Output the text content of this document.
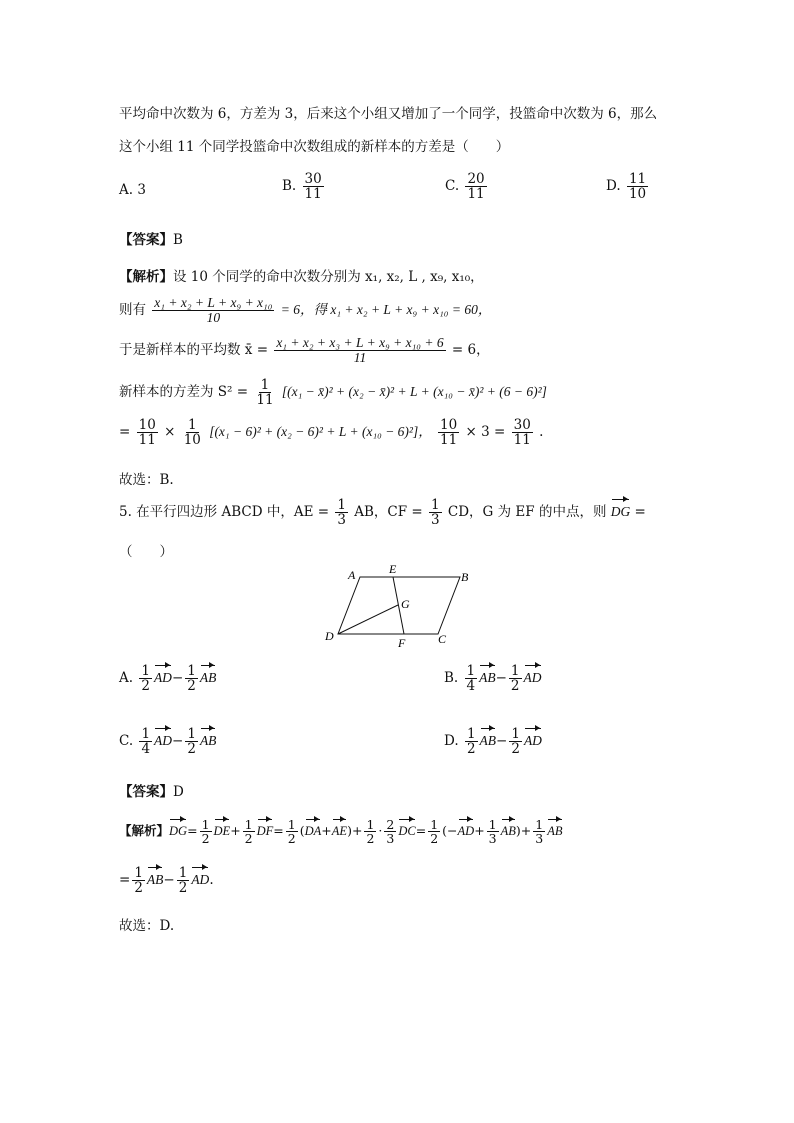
平均命中次数为 6，方差为 3，后来这个小组又增加了一个同学，投篮命中次数为 6，那么
这个小组 11 个同学投篮命中次数组成的新样本的方差是（　　）
A. 3	B. $\frac{30}{11}$	C. $\frac{20}{11}$	D. $\frac{11}{10}$
【答案】B
【解析】设 10 个同学的命中次数分别为 x₁, x₂, L , x₉, x₁₀，
则有 $\frac{\text{x₁ + x₂ + L + x₉ + x₁₀}}{10} = 6$，得 x₁ + x₂ + L + x₉ + x₁₀ = 60，
于是新样本的平均数 x̄ = $\frac{\text{x₁ + x₂ + x₃ + L + x₉ + x₁₀ + 6}}{11} = 6$，
新样本的方差为 $S^2 = \frac{1}{11} [(x_1$ − x̄)² + (x₂ − x̄)² + L + (x₁₀ − x̄)² + (6 − 6)²]
= $\frac{10}{11} \times \frac{1}{10} [(x_1 - 6)^2 + (x_2 - 6)^2 + L + (x_{10} - 6)^2]$， $\frac{10}{11} \times 3 = \frac{30}{11}$ .
故选：B.
5. 在平行四边形 ABCD 中，AE = $\frac{1}{3}$ AB，CF = $\frac{1}{3}$ CD，G 为 EF 的中点，则 DG =
（　　）
A	B
C
D
E
F
G
A. $\frac{1}{2} AD- \frac{1}{2}$ AB	B. $\frac{1}{4} AB- \frac{1}{2}$ AD
C. $\frac{1}{4} AD- \frac{1}{2}$ AB	D. $\frac{1}{2} AB- \frac{1}{2}$ AD
【答案】D
【解析】$DG= \frac{1}{2} DE+ \frac{1}{2} DF= \frac{1}{2} (DA+AE)+ \frac{1}{2} \cdot \frac{2}{3} DC= \frac{1}{2} (-AD+ \frac{1}{3} AB)+ \frac{1}{3}$ AB
= $\frac{1}{2} AB- \frac{1}{2}$ AD.
故选：D.
